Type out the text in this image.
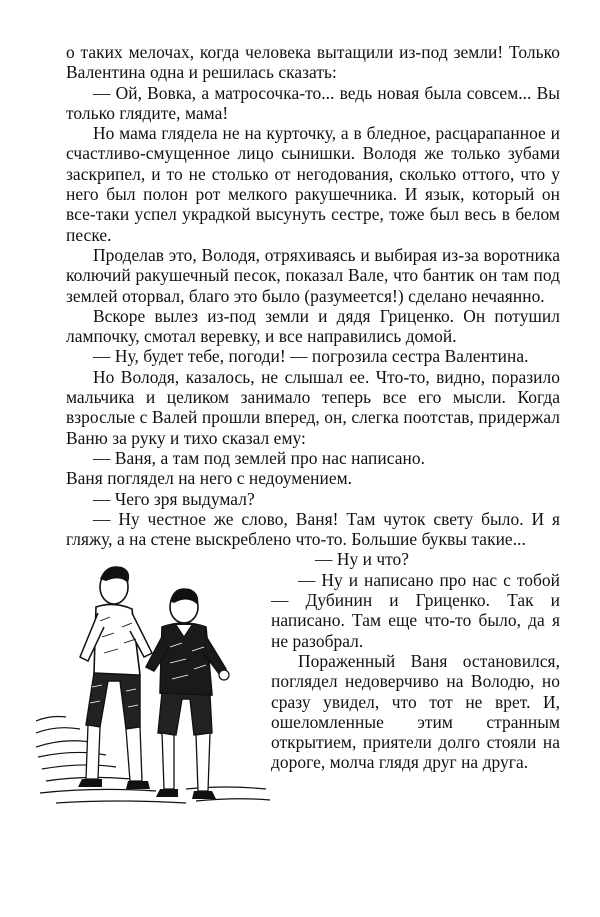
о таких мелочах, когда человека вытащили из-под земли! Только Валентина одна и решилась сказать:

— Ой, Вовка, а матросочка-то... ведь новая была совсем... Вы только глядите, мама!

Но мама глядела не на курточку, а в бледное, расцарапанное и счастливо-смущенное лицо сынишки. Володя же только зубами заскрипел, и то не столько от негодования, сколько оттого, что у него был полон рот мелкого ракушечника. И язык, который он все-таки успел украдкой высунуть сестре, тоже был весь в белом песке.

Проделав это, Володя, отряхиваясь и выбирая из-за воротника колючий ракушечный песок, показал Вале, что бантик он там под землей оторвал, благо это было (разумеется!) сделано нечаянно.

Вскоре вылез из-под земли и дядя Гриценко. Он потушил лампочку, смотал веревку, и все направились домой.

— Ну, будет тебе, погоди! — погрозила сестра Валентина.

Но Володя, казалось, не слышал ее. Что-то, видно, поразило мальчика и целиком занимало теперь все его мысли. Когда взрослые с Валей прошли вперед, он, слегка поотстав, придержал Ваню за руку и тихо сказал ему:

— Ваня, а там под землей про нас написано.

Ваня поглядел на него с недоумением.

— Чего зря выдумал?

— Ну честное же слово, Ваня! Там чуток свету было. И я гляжу, а на стене выскреблено что-то. Большие буквы такие...

— Ну и что?

— Ну и написано про нас с тобой — Дубинин и Гриценко. Так и написано. Там еще что-то было, да я не разобрал.

Пораженный Ваня остановился, поглядел недоверчиво на Володю, но сразу увидел, что тот не врет. И, ошеломленные этим странным открытием, приятели долго стояли на дороге, молча глядя друг на друга.
